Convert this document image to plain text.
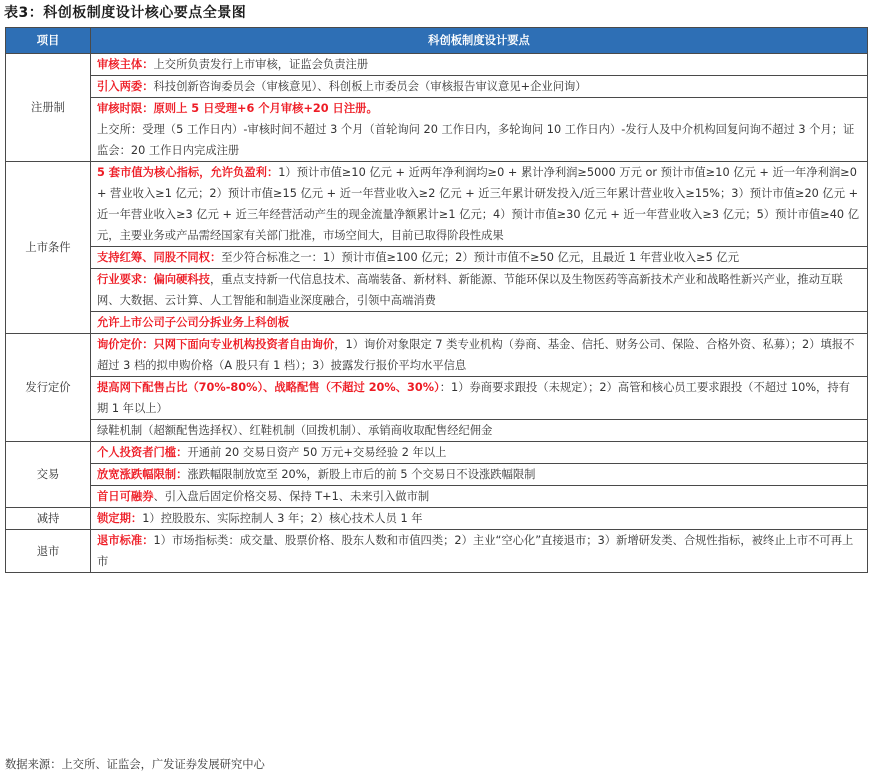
表3：科创板制度设计核心要点全景图
项目	科创板制度设计要点
注册制	审核主体：上交所负责发行上市审核，证监会负责注册
	引入两委：科技创新咨询委员会（审核意见）、科创板上市委员会（审核报告审议意见+企业问询）
	审核时限：原则上 5 日受理+6 个月审核+20 日注册。
上交所：受理（5 工作日内）-审核时间不超过 3 个月（首轮询问 20 工作日内，多轮询问 10 工作日内）-发行人及中介机构回复问询不超过 3 个月；证监会：20 工作日内完成注册
上市条件	5 套市值为核心指标，允许负盈利：1）预计市值≥10 亿元 + 近两年净利润均≥0 + 累计净利润≥5000 万元 or 预计市值≥10 亿元 + 近一年净利润≥0 + 营业收入≥1 亿元；2）预计市值≥15 亿元 + 近一年营业收入≥2 亿元 + 近三年累计研发投入/近三年累计营业收入≥15%；3）预计市值≥20 亿元 + 近一年营业收入≥3 亿元 + 近三年经营活动产生的现金流量净额累计≥1 亿元；4）预计市值≥30 亿元 + 近一年营业收入≥3 亿元；5）预计市值≥40 亿元，主要业务或产品需经国家有关部门批准，市场空间大，目前已取得阶段性成果
	支持红筹、同股不同权：至少符合标准之一：1）预计市值≥100 亿元；2）预计市值不≥50 亿元，且最近 1 年营业收入≥5 亿元
	行业要求：偏向硬科技，重点支持新一代信息技术、高端装备、新材料、新能源、节能环保以及生物医药等高新技术产业和战略性新兴产业，推动互联网、大数据、云计算、人工智能和制造业深度融合，引领中高端消费
	允许上市公司子公司分拆业务上科创板
发行定价	询价定价：只网下面向专业机构投资者自由询价，1）询价对象限定 7 类专业机构（券商、基金、信托、财务公司、保险、合格外资、私募）；2）填报不超过 3 档的拟申购价格（A 股只有 1 档）；3）披露发行报价平均水平信息
	提高网下配售占比（70%-80%）、战略配售（不超过 20%、30%）：1）券商要求跟投（未规定）；2）高管和核心员工要求跟投（不超过 10%，持有期 1 年以上）
	绿鞋机制（超额配售选择权）、红鞋机制（回拨机制）、承销商收取配售经纪佣金
交易	个人投资者门槛：开通前 20 交易日资产 50 万元+交易经验 2 年以上
	放宽涨跌幅限制：涨跌幅限制放宽至 20%，新股上市后的前 5 个交易日不设涨跌幅限制
	首日可融券、引入盘后固定价格交易、保持 T+1、未来引入做市制
减持	锁定期：1）控股股东、实际控制人 3 年；2）核心技术人员 1 年
退市	退市标准：1）市场指标类：成交量、股票价格、股东人数和市值四类；2）主业“空心化”直接退市；3）新增研发类、合规性指标，被终止上市不可再上市
数据来源：上交所、证监会，广发证券发展研究中心
